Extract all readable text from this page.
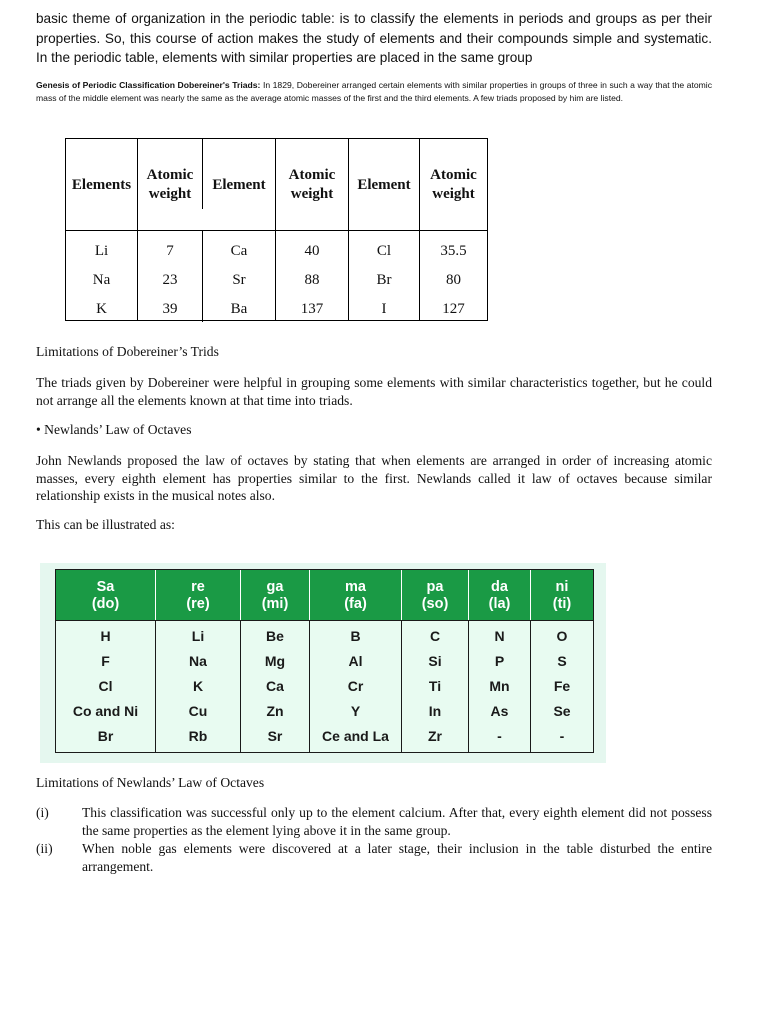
basic theme of organization in the periodic table: is to classify the elements in periods and groups as per their properties. So, this course of action makes the study of elements and their compounds simple and systematic. In the periodic table, elements with similar properties are placed in the same group
Genesis of Periodic Classification Dobereiner's Triads: In 1829, Dobereiner arranged certain elements with similar properties in groups of three in such a way that the atomic mass of the middle element was nearly the same as the average atomic masses of the first and the third elements. A few triads proposed by him are listed.
Elements
Atomic weight
Element
Atomic weight
Element
Atomic weight
Li
Na
K
7
23
39
Ca
Sr
Ba
40
88
137
Cl
Br
I
35.5
80
127
Limitations of Dobereiner’s Trids
The triads given by Dobereiner were helpful in grouping some elements with similar characteristics together, but he could not arrange all the elements known at that time into triads.
• Newlands’ Law of Octaves
John Newlands proposed the law of octaves by stating that when elements are arranged in order of increasing atomic masses, every eighth element has properties similar to the first. Newlands called it law of octaves because similar relationship exists in the musical notes also.
This can be illustrated as:
Sa
(do)
re
(re)
ga
(mi)
ma
(fa)
pa
(so)
da
(la)
ni
(ti)
H
F
Cl
Co and Ni
Br
Li
Na
K
Cu
Rb
Be
Mg
Ca
Zn
Sr
B
Al
Cr
Y
Ce and La
C
Si
Ti
In
Zr
N
P
Mn
As
-
O
S
Fe
Se
-
Limitations of Newlands’ Law of Octaves
(i) This classification was successful only up to the element calcium. After that, every eighth element did not possess the same properties as the element lying above it in the same group.
(ii) When noble gas elements were discovered at a later stage, their inclusion in the table disturbed the entire arrangement.
